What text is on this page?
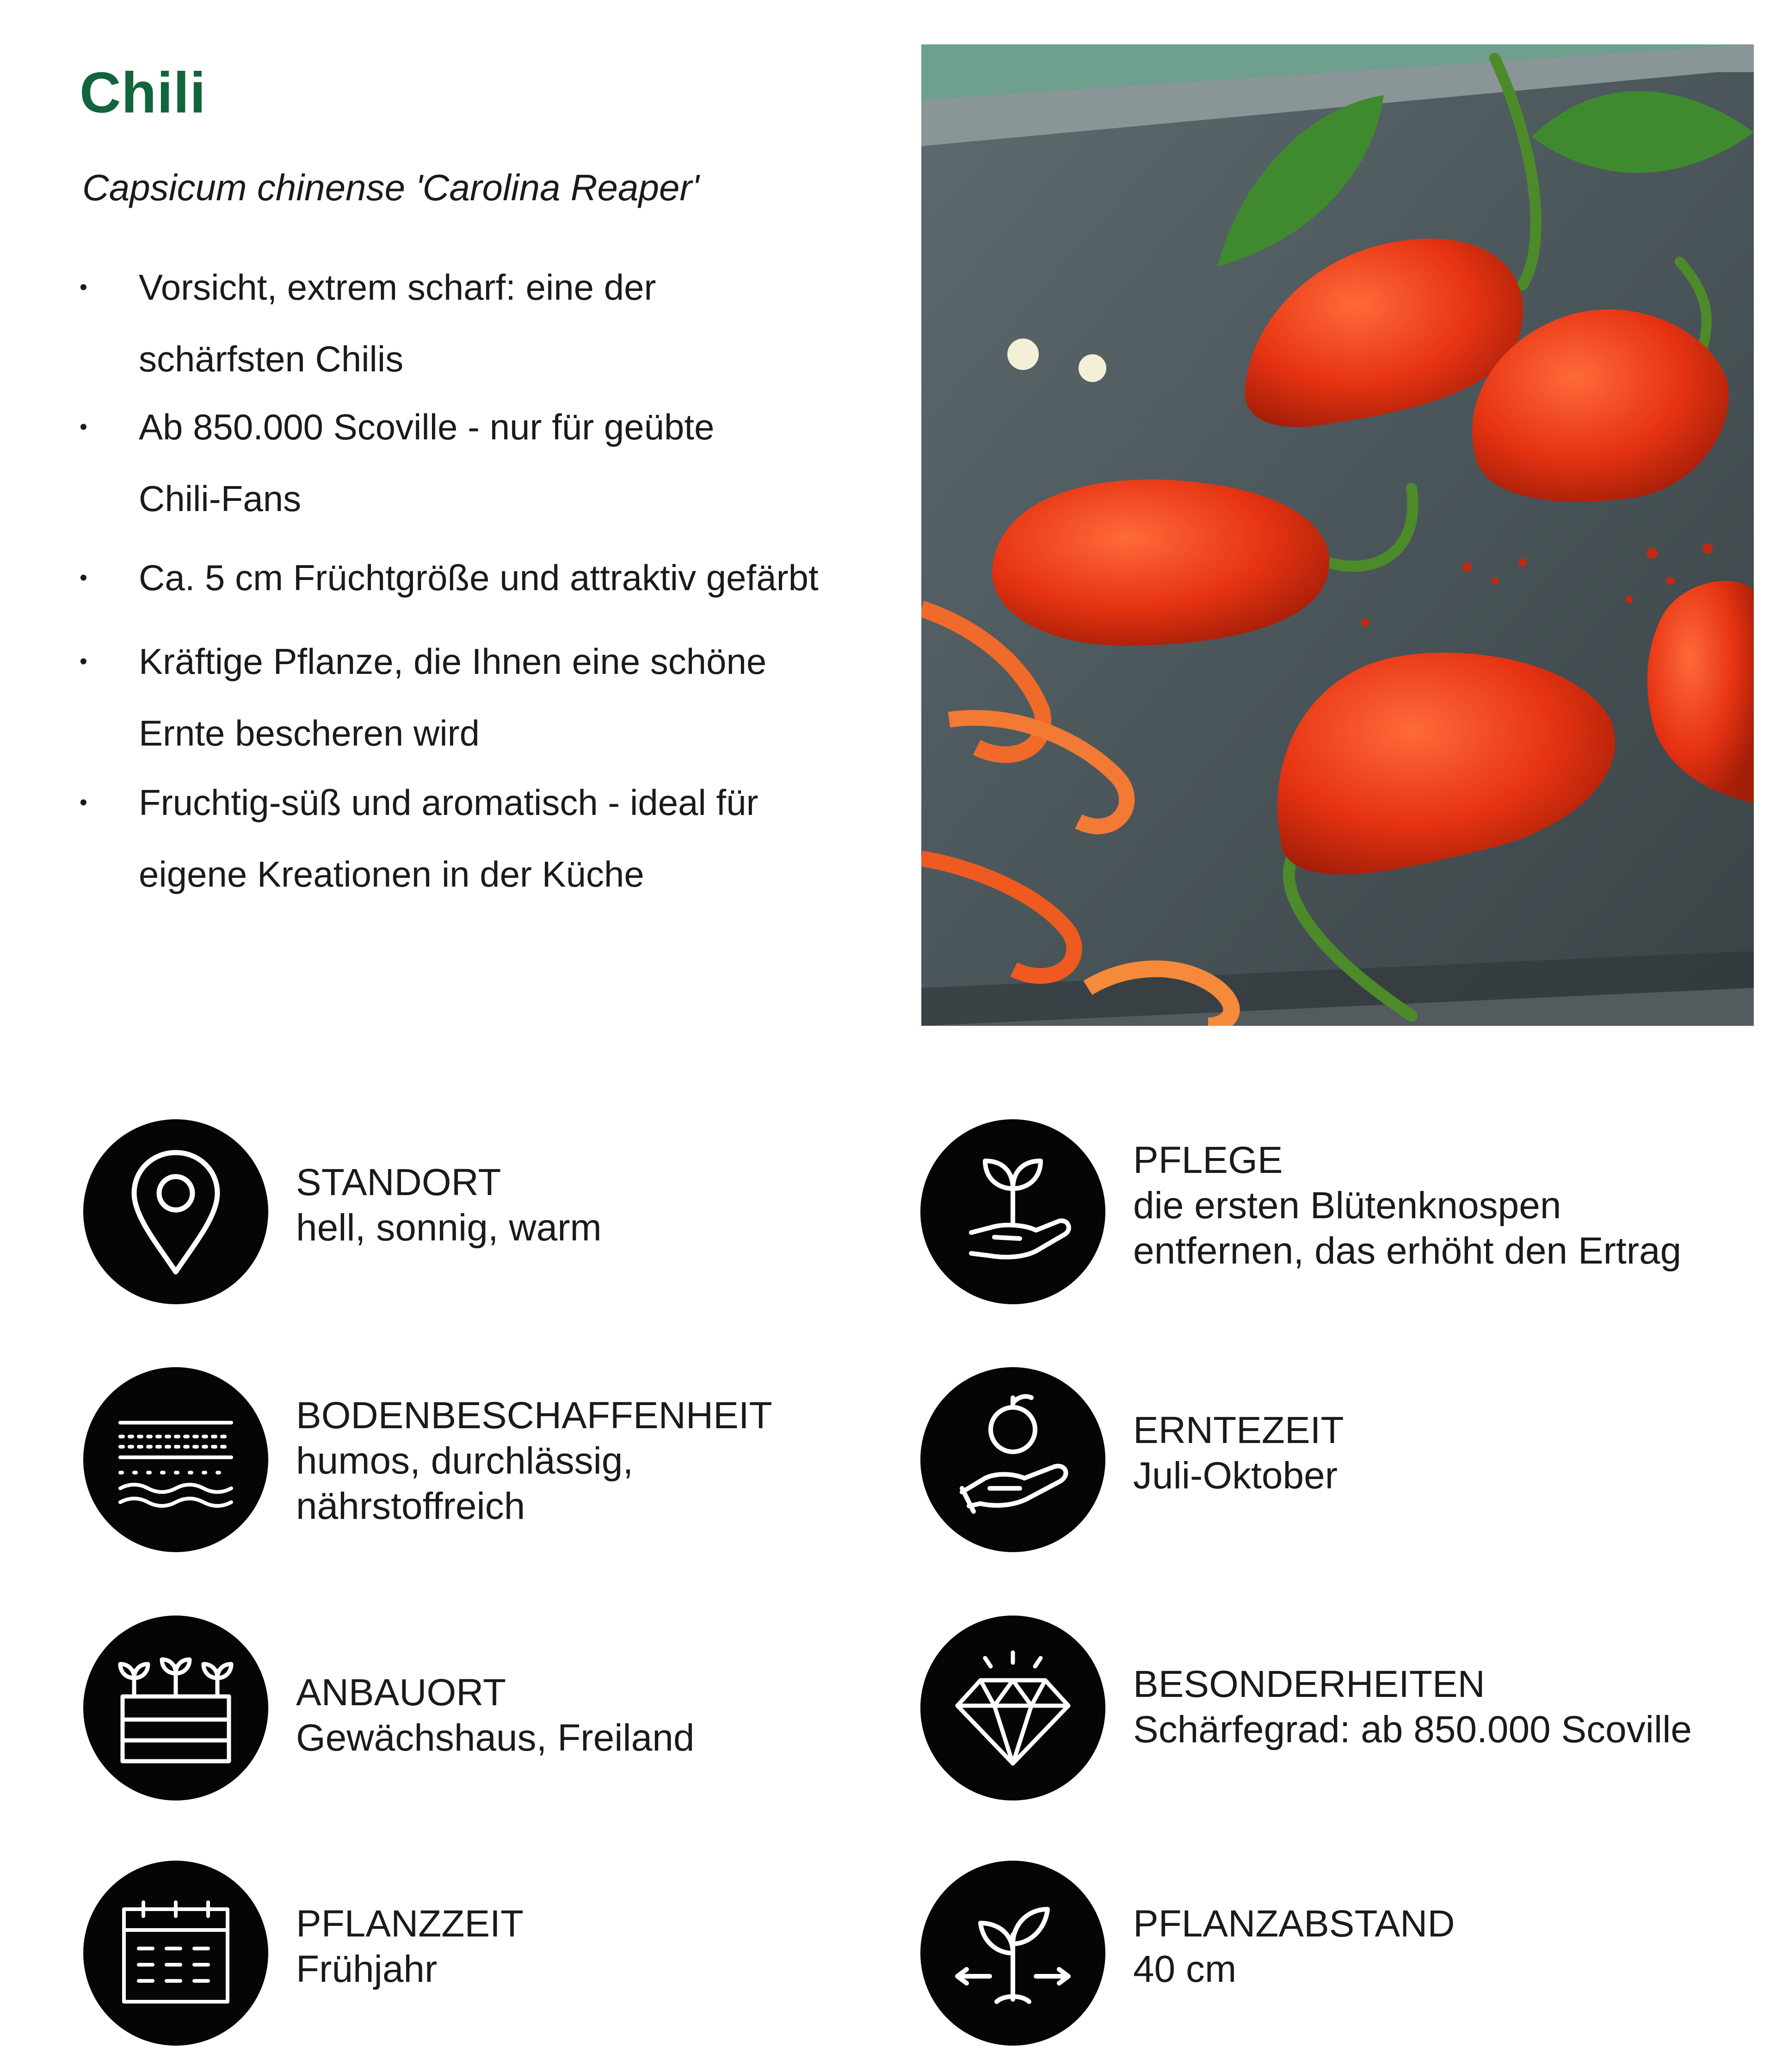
Chili

Capsicum chinense 'Carolina Reaper'

• Vorsicht, extrem scharf: eine der
schärfsten Chilis
• Ab 850.000 Scoville - nur für geübte
Chili-Fans
• Ca. 5 cm Früchtgröße und attraktiv gefärbt
• Kräftige Pflanze, die Ihnen eine schöne
Ernte bescheren wird
• Fruchtig-süß und aromatisch - ideal für
eigene Kreationen in der Küche
STANDORT
hell, sonnig, warm
PFLEGE
die ersten Blütenknospen
entfernen, das erhöht den Ertrag
BODENBESCHAFFENHEIT
humos, durchlässig,
nährstoffreich
ERNTEZEIT
Juli-Oktober
ANBAUORT
Gewächshaus, Freiland
BESONDERHEITEN
Schärfegrad: ab 850.000 Scoville
PFLANZZEIT
Frühjahr
PFLANZABSTAND
40 cm
